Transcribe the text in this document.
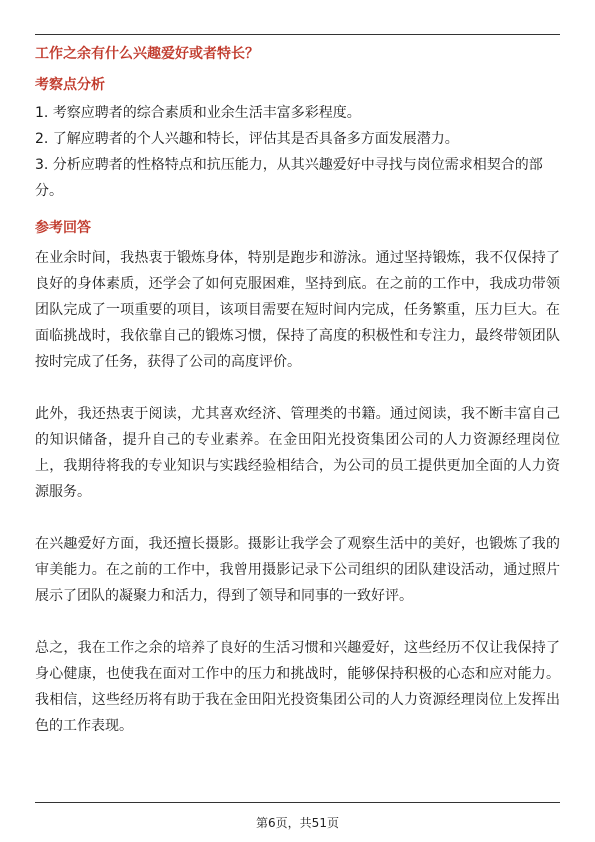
工作之余有什么兴趣爱好或者特长？
考察点分析
1. 考察应聘者的综合素质和业余生活丰富多彩程度。
2. 了解应聘者的个人兴趣和特长，评估其是否具备多方面发展潜力。
3. 分析应聘者的性格特点和抗压能力，从其兴趣爱好中寻找与岗位需求相契合的部分。
参考回答

在业余时间，我热衷于锻炼身体，特别是跑步和游泳。通过坚持锻炼，我不仅保持了良好的身体素质，还学会了如何克服困难，坚持到底。在之前的工作中，我成功带领团队完成了一项重要的项目，该项目需要在短时间内完成，任务繁重，压力巨大。在面临挑战时，我依靠自己的锻炼习惯，保持了高度的积极性和专注力，最终带领团队按时完成了任务，获得了公司的高度评价。

此外，我还热衷于阅读，尤其喜欢经济、管理类的书籍。通过阅读，我不断丰富自己的知识储备，提升自己的专业素养。在金田阳光投资集团公司的人力资源经理岗位上，我期待将我的专业知识与实践经验相结合，为公司的员工提供更加全面的人力资源服务。

在兴趣爱好方面，我还擅长摄影。摄影让我学会了观察生活中的美好，也锻炼了我的审美能力。在之前的工作中，我曾用摄影记录下公司组织的团队建设活动，通过照片展示了团队的凝聚力和活力，得到了领导和同事的一致好评。

总之，我在工作之余的培养了良好的生活习惯和兴趣爱好，这些经历不仅让我保持了身心健康，也使我在面对工作中的压力和挑战时，能够保持积极的心态和应对能力。我相信，这些经历将有助于我在金田阳光投资集团公司的人力资源经理岗位上发挥出色的工作表现。

第6页，共51页
